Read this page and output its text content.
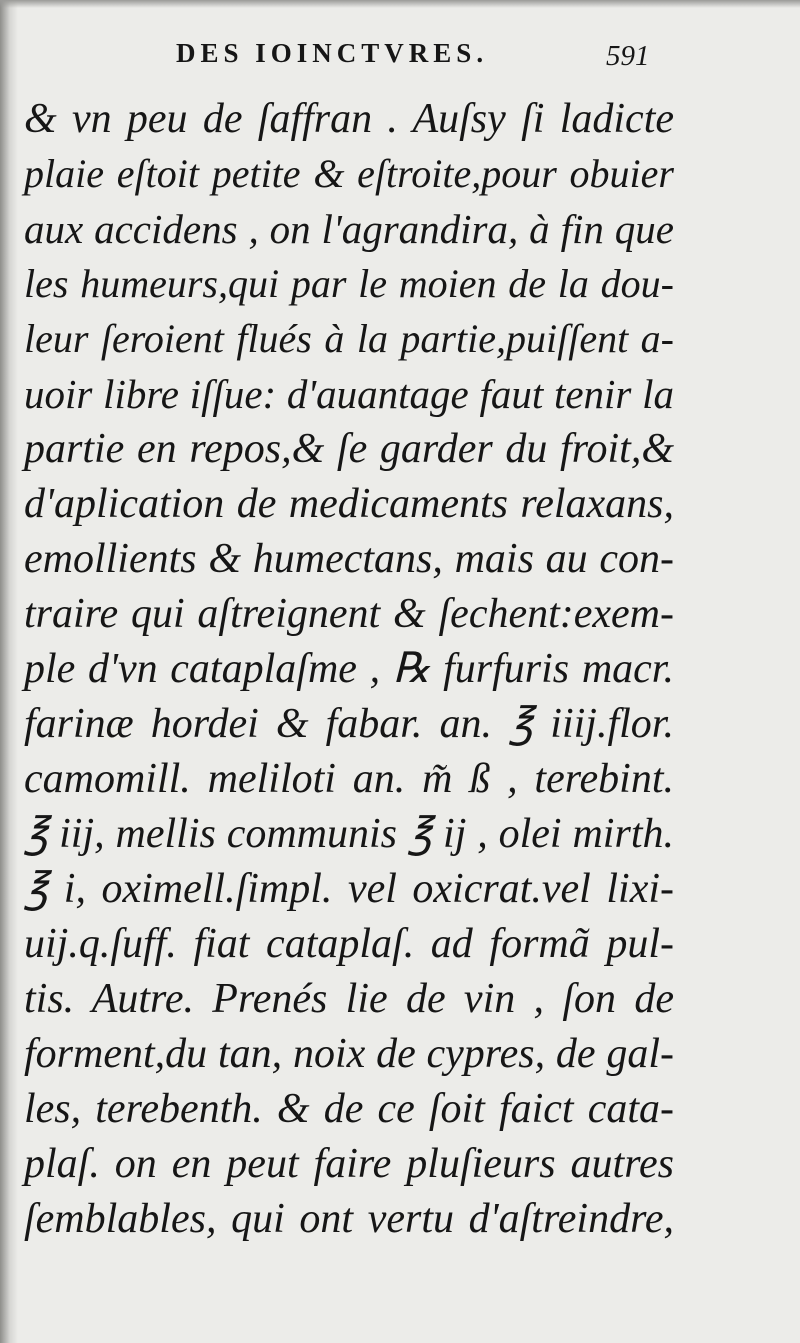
DES IOINCTVRES.	591
& vn peu de ſaffran . Auſsy ſi ladicte
plaie eſtoit petite & eſtroite,pour obuier
aux accidens , on l'agrandira, à fin que
les humeurs,qui par le moien de la dou-
leur ſeroient flués à la partie,puiſſent a-
uoir libre iſſue: d'auantage faut tenir la
partie en repos,& ſe garder du froit,&
d'aplication de medicaments relaxans,
emollients & humectans, mais au con-
traire qui aſtreignent & ſechent:exem-
ple d'vn cataplaſme , ℞ furfuris macr.
farinæ hordei & fabar. an. ℥ iiij.flor.
camomill. meliloti an. m̃ ß , terebint.
℥ iij, mellis communis ℥ ij , olei mirth.
℥ i, oximell.ſimpl. vel oxicrat.vel lixi-
uij.q.ſuff. fiat cataplaſ. ad formã pul-
tis. Autre. Prenés lie de vin , ſon de
forment,du tan, noix de cypres, de gal-
les, terebenth. & de ce ſoit faict cata-
plaſ. on en peut faire pluſieurs autres
ſemblables, qui ont vertu d'aſtreindre,
